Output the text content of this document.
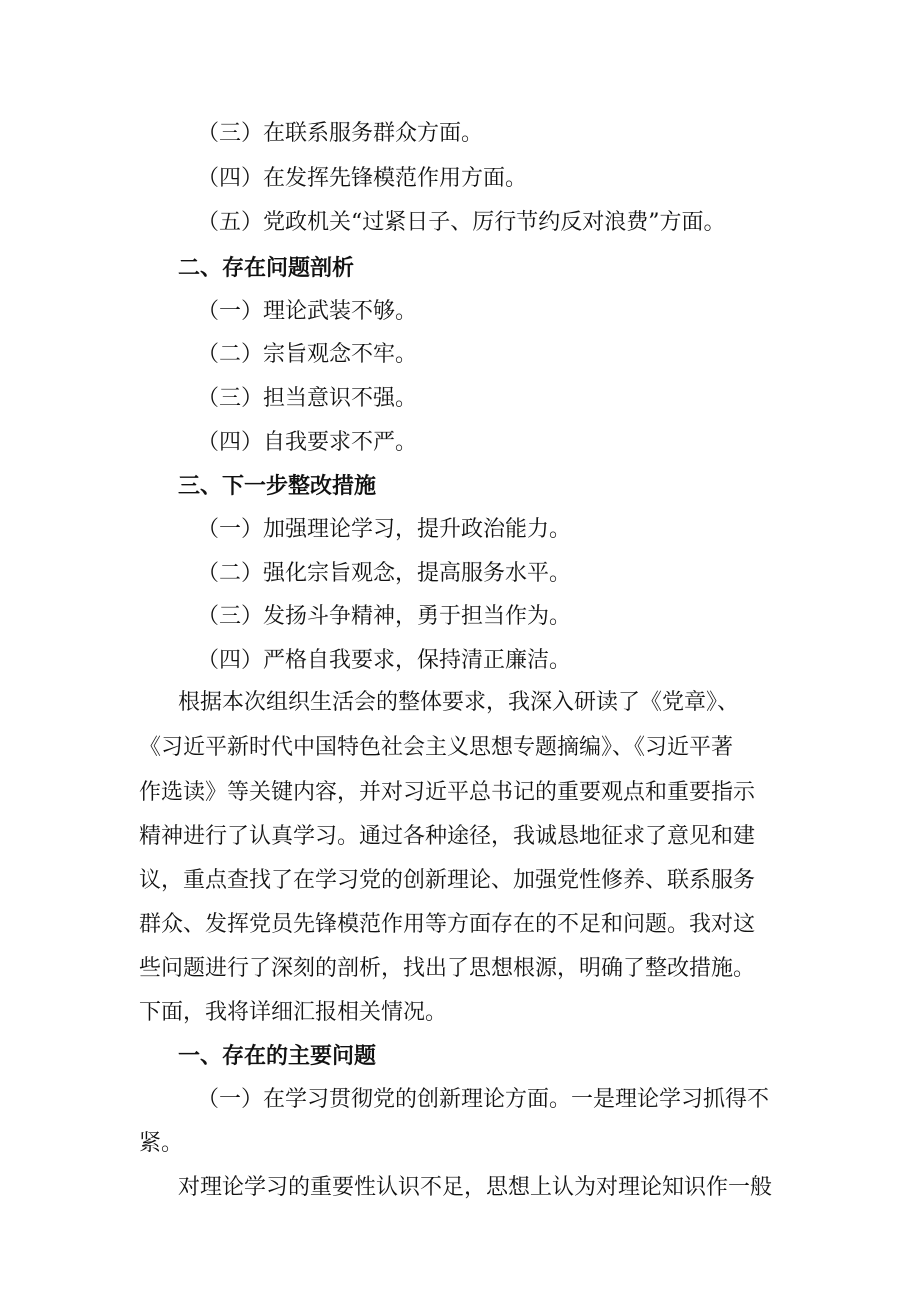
（三）在联系服务群众方面。

（四）在发挥先锋模范作用方面。

（五）党政机关“过紧日子、厉行节约反对浪费”方面。

二、存在问题剖析

（一）理论武装不够。

（二）宗旨观念不牢。

（三）担当意识不强。

（四）自我要求不严。

三、下一步整改措施

（一）加强理论学习，提升政治能力。

（二）强化宗旨观念，提高服务水平。

（三）发扬斗争精神，勇于担当作为。

（四）严格自我要求，保持清正廉洁。

根据本次组织生活会的整体要求，我深入研读了《党章》、

《习近平新时代中国特色社会主义思想专题摘编》、《习近平著

作选读》等关键内容，并对习近平总书记的重要观点和重要指示

精神进行了认真学习。通过各种途径，我诚恳地征求了意见和建

议，重点查找了在学习党的创新理论、加强党性修养、联系服务

群众、发挥党员先锋模范作用等方面存在的不足和问题。我对这

些问题进行了深刻的剖析，找出了思想根源，明确了整改措施。

下面，我将详细汇报相关情况。

一、存在的主要问题

（一）在学习贯彻党的创新理论方面。一是理论学习抓得不

紧。

对理论学习的重要性认识不足，思想上认为对理论知识作一般
